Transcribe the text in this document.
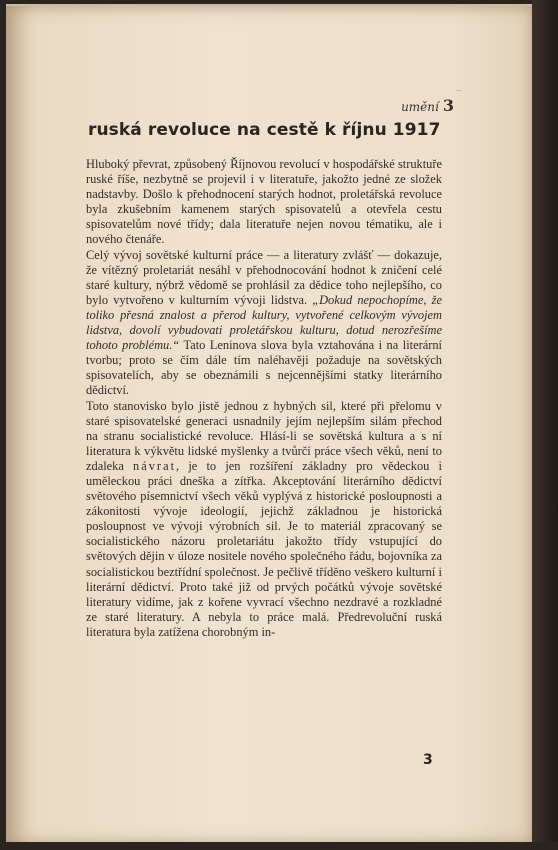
~
umění 3
ruská revoluce na cestě k říjnu 1917

Hluboký převrat, způsobený Říjnovou revolucí v hospodářské struktuře ruské říše, nezbytně se projevil i v literatuře, jakožto jedné ze složek nadstavby. Došlo k přehodnocení starých hodnot, proletářská revoluce byla zkušebním kamenem starých spisovatelů a otevřela cestu spisovatelům nové třídy; dala literatuře nejen novou tématiku, ale i nového čtenáře.

Celý vývoj sovětské kulturní práce — a literatury zvlášť — dokazuje, že vítězný proletariát nesáhl v přehodnocování hodnot k zničení celé staré kultury, nýbrž vědomě se prohlásil za dědice toho nejlepšího, co bylo vytvořeno v kulturním vývoji lidstva. „Dokud nepochopíme, že toliko přesná znalost a přerod kultury, vytvořené celkovým vývojem lidstva, dovolí vybudovati proletářskou kulturu, dotud nerozřešíme tohoto problému.“ Tato Leninova slova byla vztahována i na literární tvorbu; proto se čím dále tím naléhavěji požaduje na sovětských spisovatelích, aby se obeznámili s nejcennějšími statky literárního dědictví.

Toto stanovisko bylo jistě jednou z hybných sil, které při přelomu v staré spisovatelské generaci usnadnily jejím nejlepším silám přechod na stranu socialistické revoluce. Hlásí-li se sovětská kultura a s ní literatura k výkvětu lidské myšlenky a tvůrčí práce všech věků, není to zdaleka návrat, je to jen rozšíření základny pro vědeckou i uměleckou práci dneška a zítřka. Akceptování literárního dědictví světového písemnictví všech věků vyplývá z historické posloupnosti a zákonitosti vývoje ideologií, jejichž základnou je historická posloupnost ve vývoji výrobních sil. Je to materiál zpracovaný se socialistického názoru proletariátu jakožto třídy vstupující do světových dějin v úloze nositele nového společného řádu, bojovníka za socialistickou beztřídní společnost. Je pečlivě tříděno veškero kulturní i literární dědictví. Proto také již od prvých počátků vývoje sovětské literatury vidíme, jak z kořene vyvrací všechno nezdravé a rozkladné ze staré literatury. A nebyla to práce malá. Předrevoluční ruská literatura byla zatížena chorobným in-

3
